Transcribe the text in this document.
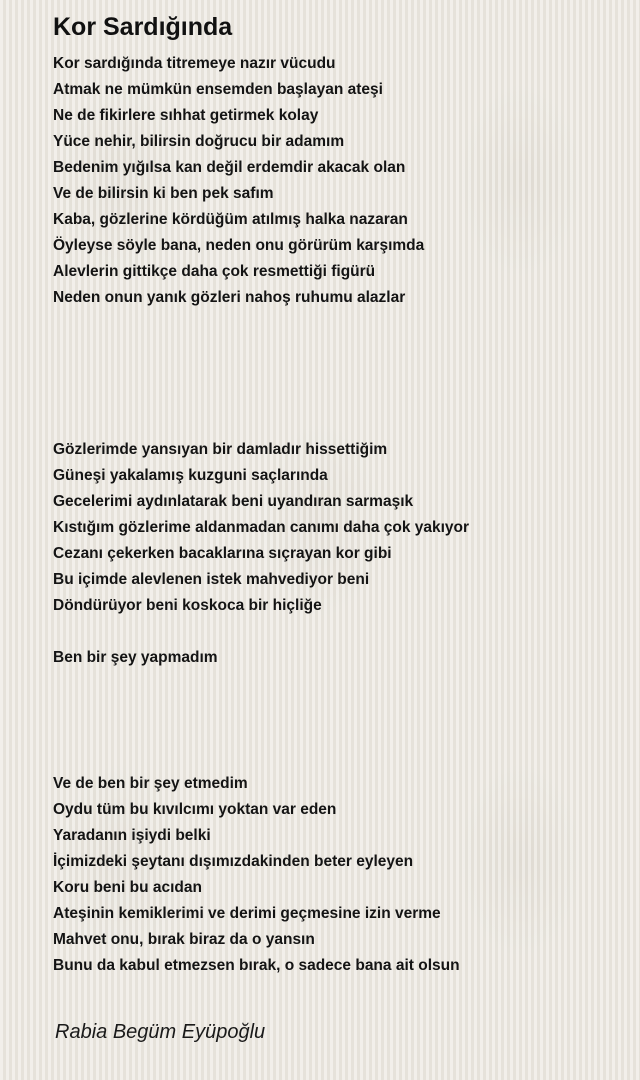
Kor Sardığında
Kor sardığında titremeye nazır vücudu
Atmak ne mümkün ensemden başlayan ateşi
Ne de fikirlere sıhhat getirmek kolay
Yüce nehir, bilirsin doğrucu bir adamım
Bedenim yığılsa kan değil erdemdir akacak olan
Ve de bilirsin ki ben pek safım
Kaba, gözlerine kördüğüm atılmış halka nazaran
Öyleyse söyle bana, neden onu görürüm karşımda
Alevlerin gittikçe daha çok resmettiği figürü
Neden onun yanık gözleri nahoş ruhumu alazlar
Gözlerimde yansıyan bir damladır hissettiğim
Güneşi yakalamış kuzguni saçlarında
Gecelerimi aydınlatarak beni uyandıran sarmaşık
Kıstığım gözlerime aldanmadan canımı daha çok yakıyor
Cezanı çekerken bacaklarına sıçrayan kor gibi
Bu içimde alevlenen istek mahvediyor beni
Döndürüyor beni koskoca bir hiçliğe
Ben bir şey yapmadım
Ve de ben bir şey etmedim
Oydu tüm bu kıvılcımı yoktan var eden
Yaradanın işiydi belki
İçimizdeki şeytanı dışımızdakinden beter eyleyen
Koru beni bu acıdan
Ateşinin kemiklerimi ve derimi geçmesine izin verme
Mahvet onu, bırak biraz da o yansın
Bunu da kabul etmezsen bırak, o sadece bana ait olsun

Rabia Begüm Eyüpoğlu
